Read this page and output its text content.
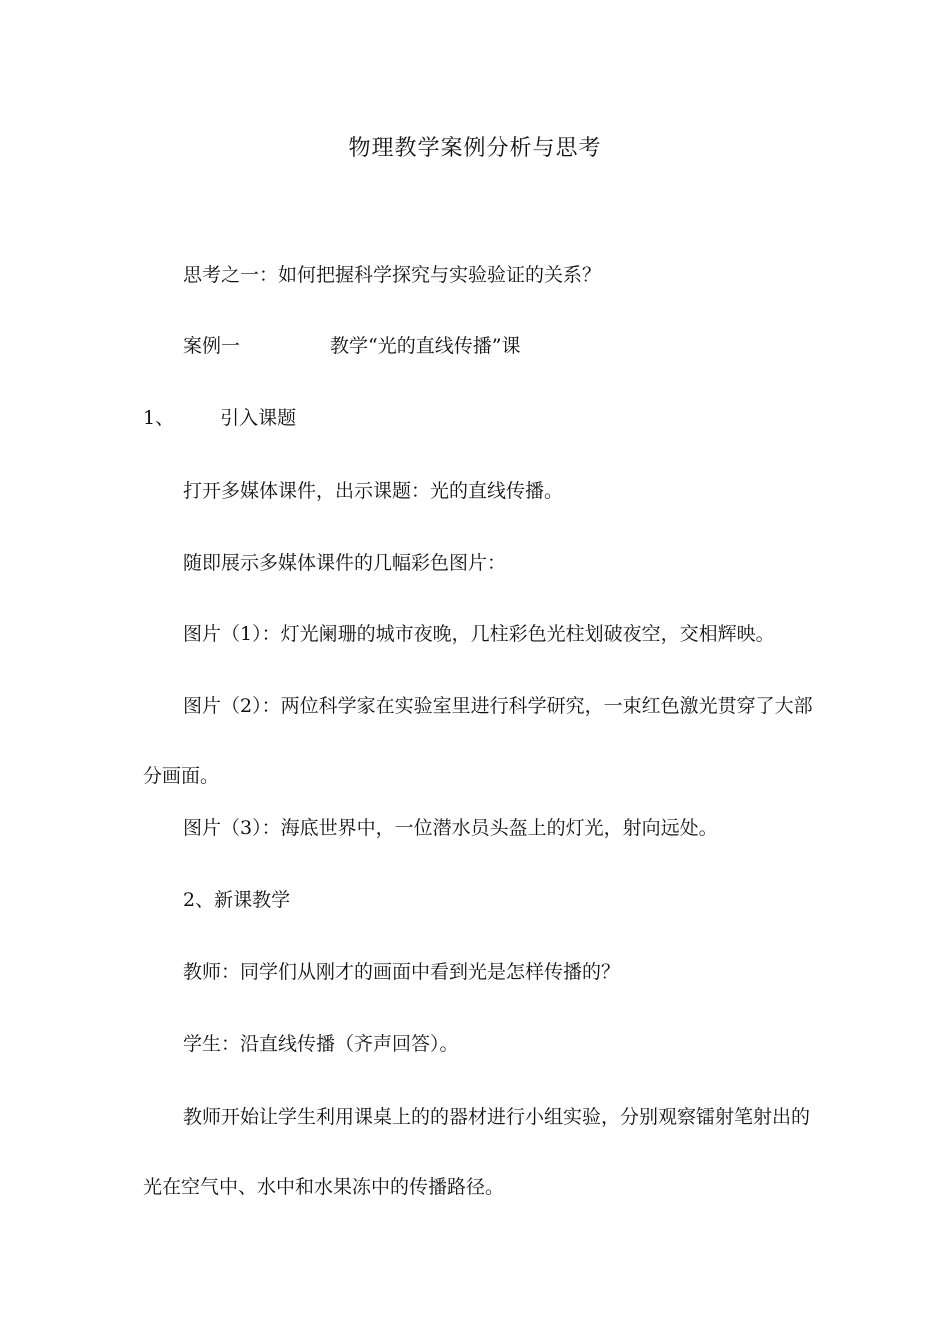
物理教学案例分析与思考
思考之一：如何把握科学探究与实验验证的关系？
案例一	教学“光的直线传播”课
1、 引入课题
打开多媒体课件，出示课题：光的直线传播。
随即展示多媒体课件的几幅彩色图片：
图片（1）：灯光阑珊的城市夜晚，几柱彩色光柱划破夜空，交相辉映。
图片（2）：两位科学家在实验室里进行科学研究，一束红色激光贯穿了大部分画面。
图片（3）：海底世界中，一位潜水员头盔上的灯光，射向远处。
2、新课教学
教师：同学们从刚才的画面中看到光是怎样传播的？
学生：沿直线传播（齐声回答）。
教师开始让学生利用课桌上的的器材进行小组实验，分别观察镭射笔射出的光在空气中、水中和水果冻中的传播路径。
